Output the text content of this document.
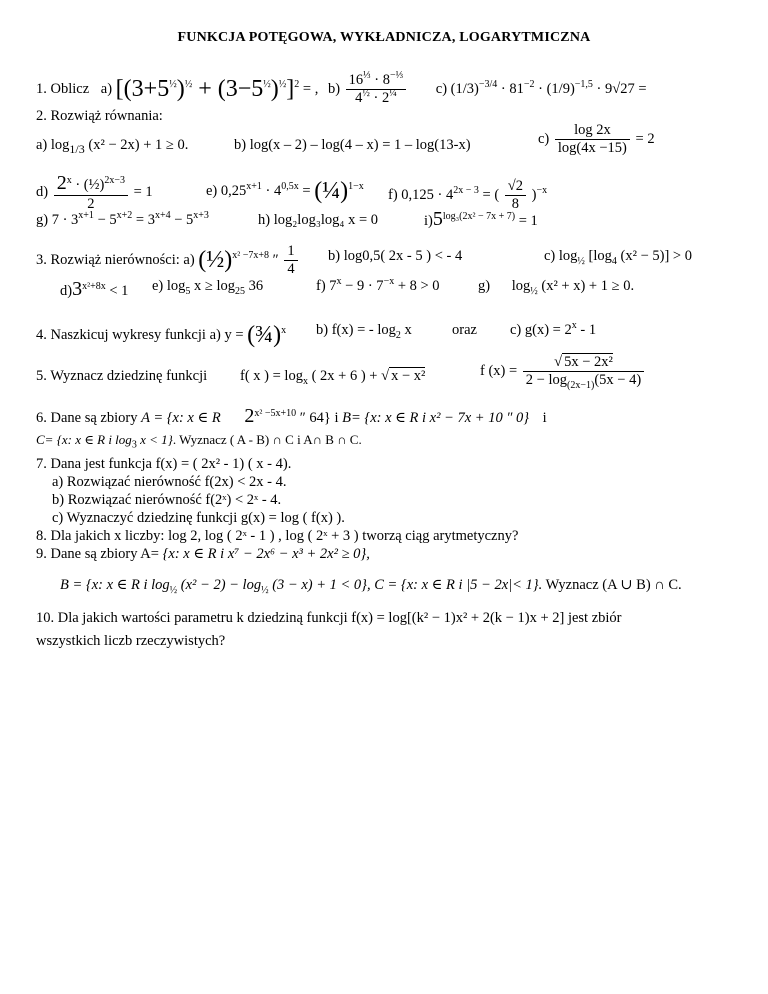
FUNKCJA POTĘGOWA, WYKŁADNICZA, LOGARYTMICZNA
1. Oblicz a) $[(3+5^{\frac{1}{2}})^{\frac{1}{2}} + (3-5^{\frac{1}{2}})^{\frac{1}{2}}]^2$ = , $b) \frac{16^{\frac{1}{3}} \cdot 8^{-\frac{1}{3}}}{4^{\frac{1}{2}} \cdot 2^{\frac{1}{4}}} c$) $(1/3)^{-3/4} \cdot 81^{-2} \cdot (1/9)^{-1,5} \cdot 9√27$ =
2. Rozwiąż równania:
a) $\log_{1/3} (x^2 - 2x) + 1 \ge 0$.	b) log(x – 2) – log(4 – x) = 1 – log(13-x)	$c) \frac{\log 2x}{\log(4x -15)} = 2$
$d) \frac{2^x \cdot (\frac{1}{2})^{2x-3}}{2} = 1$	e) $0,25^{x+1} \cdot 4^{0,5x}$ = (¼)$^{1-x}$
f) $0,125 \cdot 4^{2x - 3}$ = ( $\frac{√2}{8} )^{-x}$
g) $7 \cdot 3^{x+1} - 5^{x+2} = 3^{x+4} - 5^{x+3}$	h) log₂log₃log₄ x = 0	$i)5^{log_3(2x^2 - 7x + 7)} = 1$
3. Rozwiąż nierówności: a) (½)$^{x^2 -7x+8}$ ″ $\frac{1}{4} b$) log0,5( 2x - 5 ) < - 4	c) $\log_{\frac{1}{2}} [\log_4$ (x² − 5)] > 0
$d)3^{x^2+8x} < 1$ e) $\log_5 x \ge \log_{25} 36$	f) $7^x - 9 \cdot 7^{-x} + 8 > 0$	g) $\log_{\frac{1}{2}} (x^2 + x) + 1 \ge 0$.
4. Naszkicuj wykresy funkcji a) y = (¾)$^x$ b) f(x) = - $\log_2 x$	oraz c) $g(x) = 2^x - 1$
5. Wyznacz dziedzinę funkcji f( x ) = $\log_x$ ( 2x + 6 ) + √ x − x²	f $(x) = \frac{\text{√ 5x − 2x²}}{2 - \log_{(2x-1)}(5x - 4)}$
6. Dane są zbiory A = {x: x ∈ R $2^{x^2 -5x+10}$ ″ 64} i B= {x: x ∈ R i x² − 7x + 10 ″ 0} i
C= {x: x ∈ R i $\log_3 x < 1$}. Wyznacz ( A - B) ∩ C i A∩ B ∩ C.
7. Dana jest funkcja f(x) = ( 2x² - 1) ( x - 4).
a) Rozwiązać nierówność f(2x) < 2x - 4.
b) Rozwiązać nierówność f(2ˣ) < 2ˣ - 4.
c) Wyznaczyć dziedzinę funkcji g(x) = log ( f(x) ).
8. Dla jakich x liczby: log 2, log ( 2ˣ - 1 ) , log ( 2ˣ + 3 ) tworzą ciąg arytmetyczny?
9. Dane są zbiory A= {x: x ∈ R i x⁷ − 2x⁶ − x³ + 2x² ≥ 0},
B = {x: x ∈ R i $\log_{\frac{1}{2}} (x^2 - 2) - \log_{\frac{1}{2}} (3 - x) + 1 < 0$}, C = {x: x ∈ R i |5 − 2x|< 1}. Wyznacz (A ∪ B) ∩ C.
10. Dla jakich wartości parametru k dziedziną funkcji f(x) = log[(k² − 1)x² + 2(k − 1)x + 2] jest zbiór
wszystkich liczb rzeczywistych?
